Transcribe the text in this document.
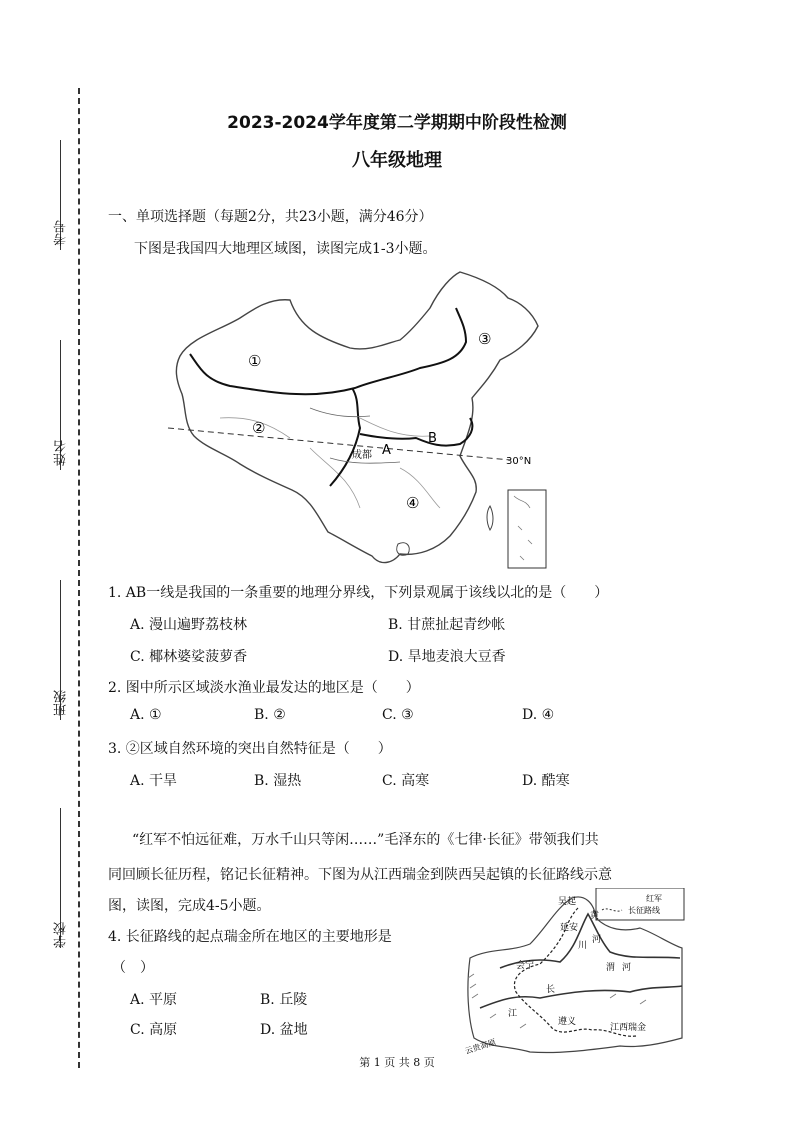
考号
姓名
班级
学校
2023-2024学年度第二学期期中阶段性检测
八年级地理
一、单项选择题（每题2分，共23小题，满分46分）
下图是我国四大地理区域图，读图完成1-3小题。
①
②
③
④
A
B
成都
30°N
1. AB一线是我国的一条重要的地理分界线，下列景观属于该线以北的是（　　）
A. 漫山遍野荔枝林	B. 甘蔗扯起青纱帐
C. 椰林婆娑菠萝香	D. 旱地麦浪大豆香
2. 图中所示区域淡水渔业最发达的地区是（　　）
A. ①	B. ②	C. ③	D. ④
3. ②区域自然环境的突出自然特征是（　　）
A. 干旱	B. 湿热	C. 高寒	D. 酷寒
“红军不怕远征难，万水千山只等闲……”毛泽东的《七律·长征》带领我们共
同回顾长征历程，铭记长征精神。下图为从江西瑞金到陕西吴起镇的长征路线示意
图，读图，完成4-5小题。
4. 长征路线的起点瑞金所在地区的主要地形是
（　）
A. 平原	B. 丘陵
C. 高原	D. 盆地
红军
长征路线
吴起
延安
黄
河
渭 河
会宁
长
江
川
遵义
江西瑞金
云贵高原
第 1 页 共 8 页
